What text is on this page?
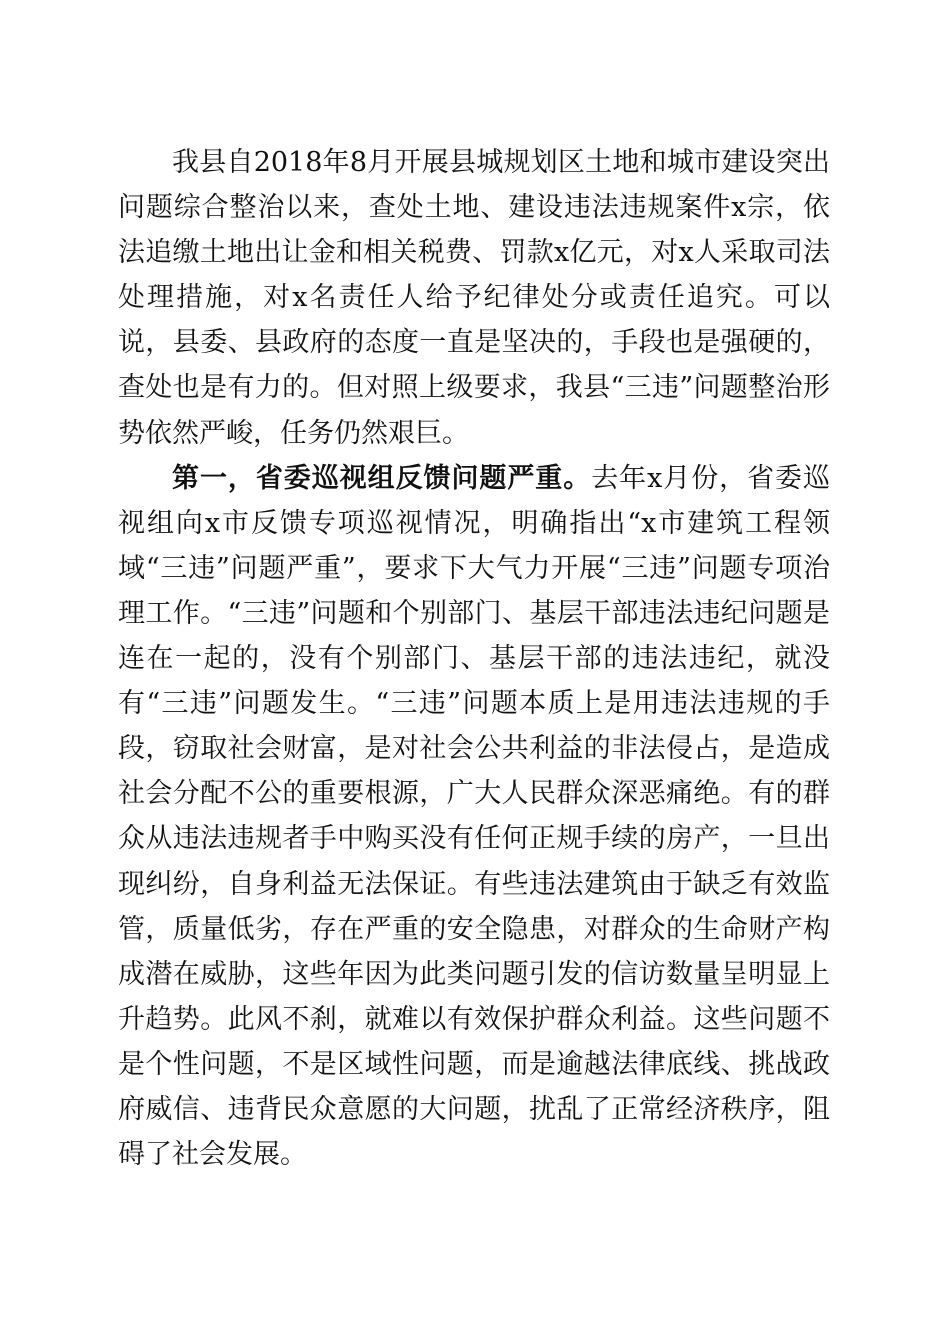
我县自2018年8月开展县城规划区土地和城市建设突出问题综合整治以来，查处土地、建设违法违规案件x宗，依法追缴土地出让金和相关税费、罚款x亿元，对x人采取司法处理措施，对x名责任人给予纪律处分或责任追究。可以说，县委、县政府的态度一直是坚决的，手段也是强硬的，查处也是有力的。但对照上级要求，我县“三违”问题整治形势依然严峻，任务仍然艰巨。

第一，省委巡视组反馈问题严重。去年x月份，省委巡视组向x市反馈专项巡视情况，明确指出“x市建筑工程领域“三违”问题严重”，要求下大气力开展“三违”问题专项治理工作。“三违”问题和个别部门、基层干部违法违纪问题是连在一起的，没有个别部门、基层干部的违法违纪，就没有“三违”问题发生。“三违”问题本质上是用违法违规的手段，窃取社会财富，是对社会公共利益的非法侵占，是造成社会分配不公的重要根源，广大人民群众深恶痛绝。有的群众从违法违规者手中购买没有任何正规手续的房产，一旦出现纠纷，自身利益无法保证。有些违法建筑由于缺乏有效监管，质量低劣，存在严重的安全隐患，对群众的生命财产构成潜在威胁，这些年因为此类问题引发的信访数量呈明显上升趋势。此风不刹，就难以有效保护群众利益。这些问题不是个性问题，不是区域性问题，而是逾越法律底线、挑战政府威信、违背民众意愿的大问题，扰乱了正常经济秩序，阻碍了社会发展。
